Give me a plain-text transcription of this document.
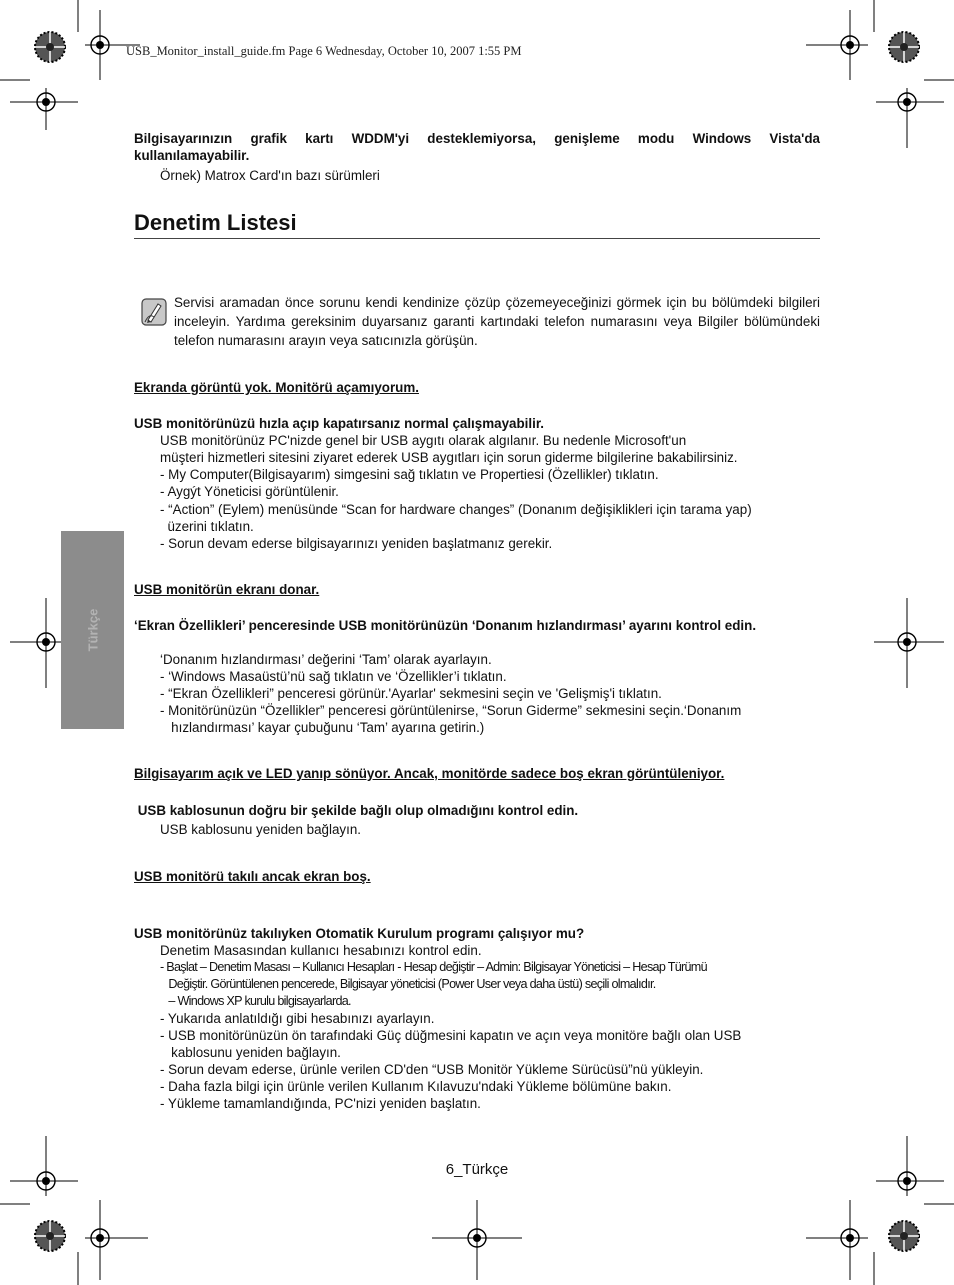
USB_Monitor_install_guide.fm Page 6 Wednesday, October 10, 2007 1:55 PM
Bilgisayarınızın grafik kartı WDDM'yi desteklemiyorsa, genişleme modu Windows Vista'da kullanılamayabilir.
Örnek) Matrox Card'ın bazı sürümleri
Denetim Listesi
Servisi aramadan önce sorunu kendi kendinize çözüp çözemeyeceğinizi görmek için bu bölümdeki bilgileri inceleyin. Yardıma gereksinim duyarsanız garanti kartındaki telefon numarasını veya Bilgiler bölümündeki telefon numarasını arayın veya satıcınızla görüşün.
Ekranda görüntü yok. Monitörü açamıyorum.
USB monitörünüzü hızla açıp kapatırsanız normal çalışmayabilir.
USB monitörünüz PC'nizde genel bir USB aygıtı olarak algılanır. Bu nedenle Microsoft'un
müşteri hizmetleri sitesini ziyaret ederek USB aygıtları için sorun giderme bilgilerine bakabilirsiniz.
- My Computer(Bilgisayarım) simgesini sağ tıklatın ve Propertiesi (Özellikler) tıklatın.
- Aygýt Yöneticisi görüntülenir.
- “Action” (Eylem) menüsünde “Scan for hardware changes” (Donanım değişiklikleri için tarama yap)
üzerini tıklatın.
- Sorun devam ederse bilgisayarınızı yeniden başlatmanız gerekir.
USB monitörün ekranı donar.
‘Ekran Özellikleri’ penceresinde USB monitörünüzün ‘Donanım hızlandırması’ ayarını kontrol edin.
‘Donanım hızlandırması’ değerini ‘Tam’ olarak ayarlayın.
- ‘Windows Masaüstü’nü sağ tıklatın ve ‘Özellikler’i tıklatın.
- “Ekran Özellikleri” penceresi görünür.'Ayarlar' sekmesini seçin ve 'Gelişmiş'i tıklatın.
- Monitörünüzün “Özellikler” penceresi görüntülenirse, “Sorun Giderme” sekmesini seçin.‘Donanım
hızlandırması’ kayar çubuğunu ‘Tam’ ayarına getirin.)
Bilgisayarım açık ve LED yanıp sönüyor. Ancak, monitörde sadece boş ekran görüntüleniyor.
USB kablosunun doğru bir şekilde bağlı olup olmadığını kontrol edin.
USB kablosunu yeniden bağlayın.
USB monitörü takılı ancak ekran boş.
USB monitörünüz takılıyken Otomatik Kurulum programı çalışıyor mu?
Denetim Masasından kullanıcı hesabınızı kontrol edin.
- Başlat – Denetim Masası – Kullanıcı Hesapları - Hesap değiştir – Admin: Bilgisayar Yöneticisi – Hesap Türümü
Değiştir. Görüntülenen pencerede, Bilgisayar yöneticisi (Power User veya daha üstü) seçili olmalıdır.
– Windows XP kurulu bilgisayarlarda.
- Yukarıda anlatıldığı gibi hesabınızı ayarlayın.
- USB monitörünüzün ön tarafındaki Güç düğmesini kapatın ve açın veya monitöre bağlı olan USB
kablosunu yeniden bağlayın.
- Sorun devam ederse, ürünle verilen CD'den “USB Monitör Yükleme Sürücüsü”nü yükleyin.
- Daha fazla bilgi için ürünle verilen Kullanım Kılavuzu'ndaki Yükleme bölümüne bakın.
- Yükleme tamamlandığında, PC'nizi yeniden başlatın.
Türkçe
6_Türkçe
